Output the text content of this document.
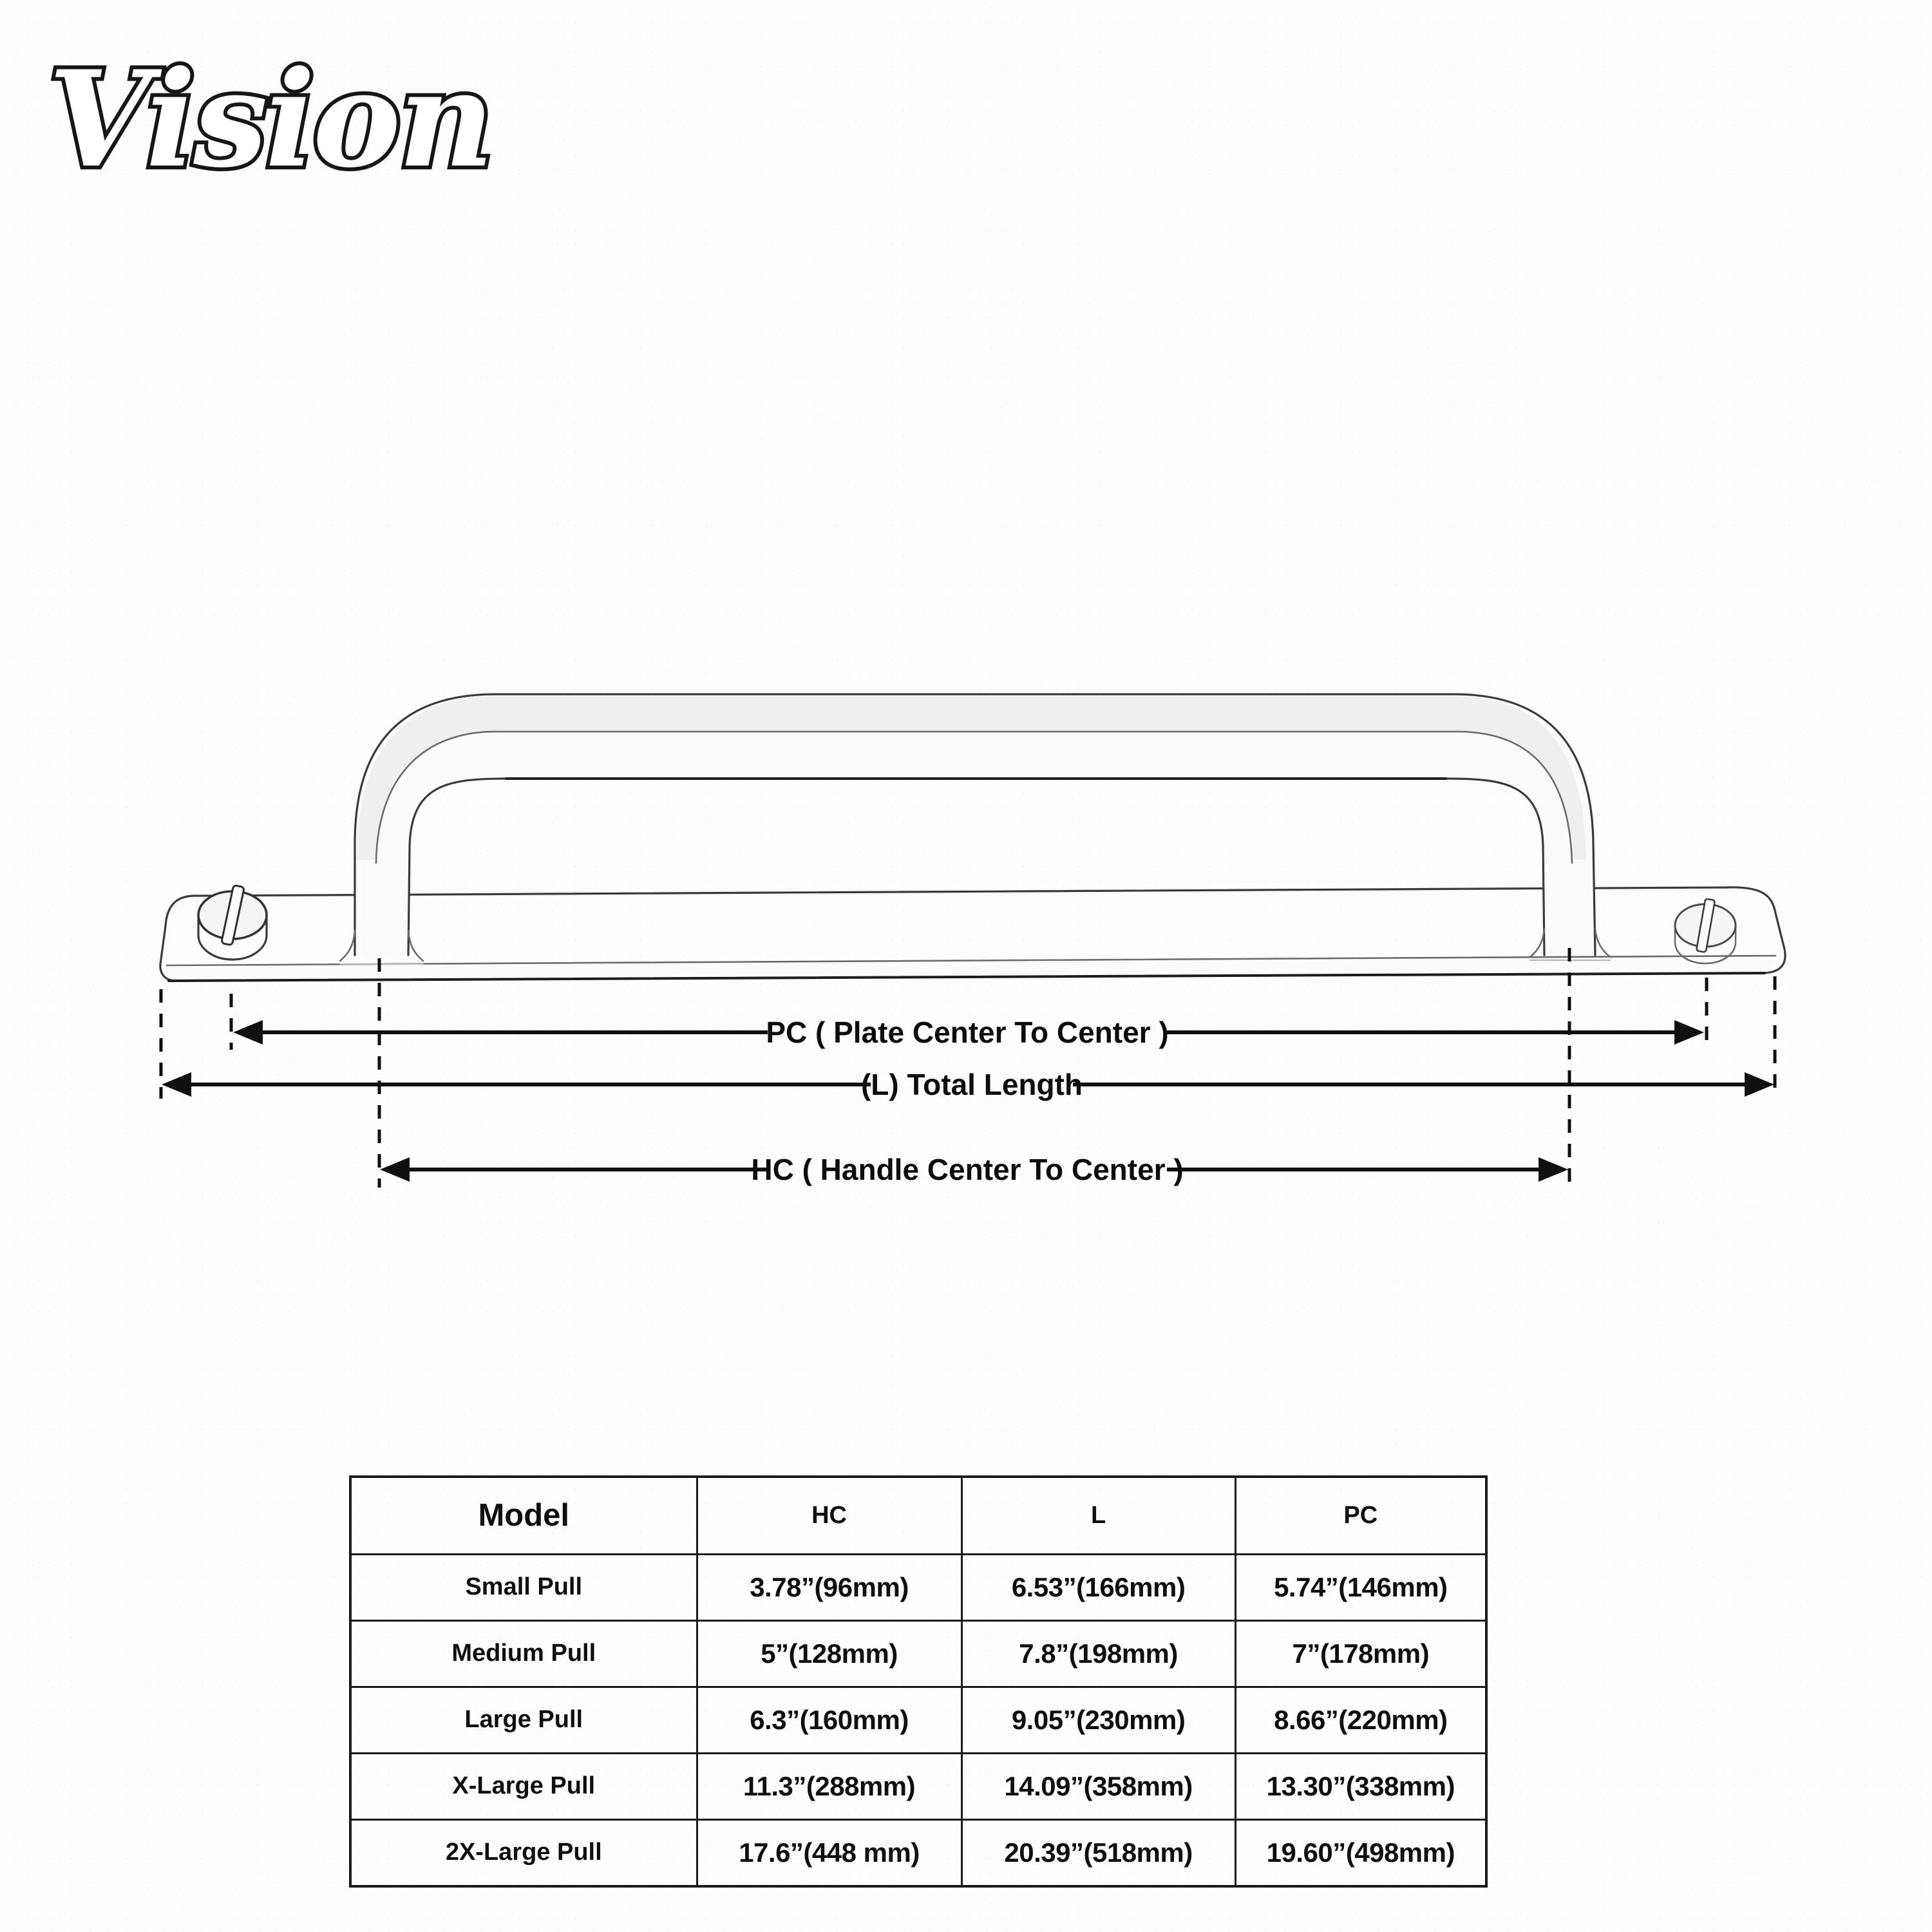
Vision
PC ( Plate Center To Center )
(L) Total Length
HC ( Handle Center To Center )
Model	HC	L	PC
Small Pull	3.78”(96mm)	6.53”(166mm)	5.74”(146mm)
Medium Pull	5”(128mm)	7.8”(198mm)	7”(178mm)
Large Pull	6.3”(160mm)	9.05”(230mm)	8.66”(220mm)
X-Large Pull	11.3”(288mm)	14.09”(358mm)	13.30”(338mm)
2X-Large Pull	17.6”(448 mm)	20.39”(518mm)	19.60”(498mm)
